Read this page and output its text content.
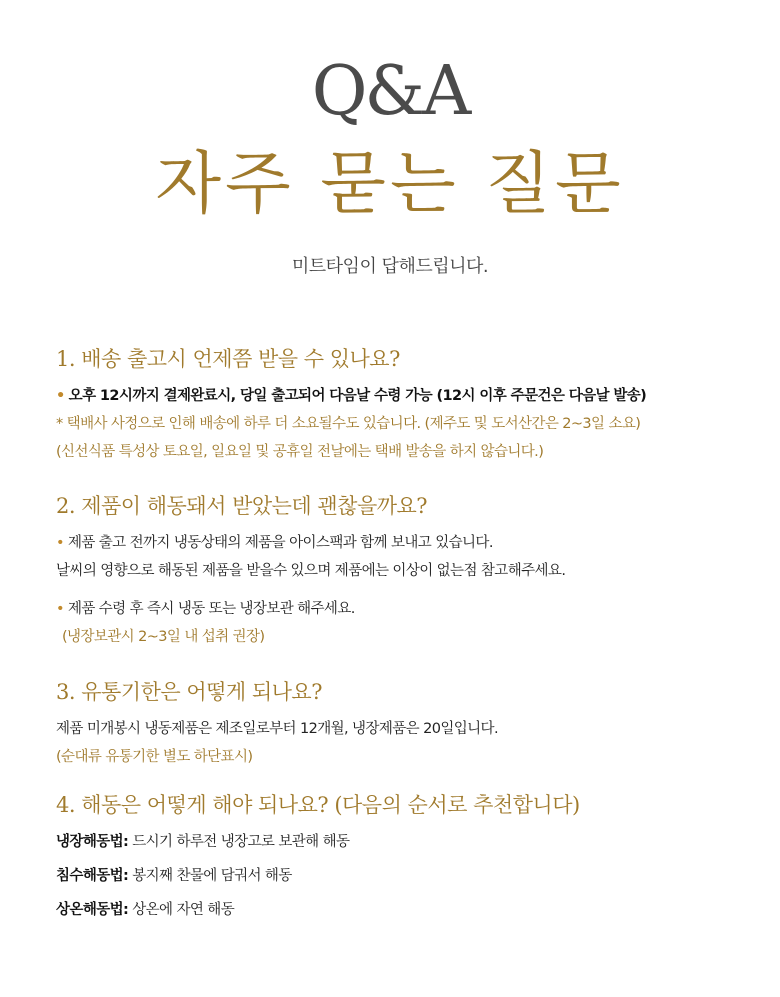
Q&A
자주 묻는 질문
미트타임이 답해드립니다.
1. 배송 출고시 언제쯤 받을 수 있나요?
• 오후 12시까지 결제완료시, 당일 출고되어 다음날 수령 가능 (12시 이후 주문건은 다음날 발송)
* 택배사 사정으로 인해 배송에 하루 더 소요될수도 있습니다. (제주도 및 도서산간은 2~3일 소요)
(신선식품 특성상 토요일, 일요일 및 공휴일 전날에는 택배 발송을 하지 않습니다.)
2. 제품이 해동돼서 받았는데 괜찮을까요?
• 제품 출고 전까지 냉동상태의 제품을 아이스팩과 함께 보내고 있습니다.
날씨의 영향으로 해동된 제품을 받을수 있으며 제품에는 이상이 없는점 참고해주세요.
• 제품 수령 후 즉시 냉동 또는 냉장보관 해주세요.
(냉장보관시 2~3일 내 섭취 권장)
3. 유통기한은 어떻게 되나요?
제품 미개봉시 냉동제품은 제조일로부터 12개월, 냉장제품은 20일입니다.
(순대류 유통기한 별도 하단표시)
4. 해동은 어떻게 해야 되나요? (다음의 순서로 추천합니다)
냉장해동법: 드시기 하루전 냉장고로 보관해 해동
침수해동법: 봉지째 찬물에 담궈서 해동
상온해동법: 상온에 자연 해동
